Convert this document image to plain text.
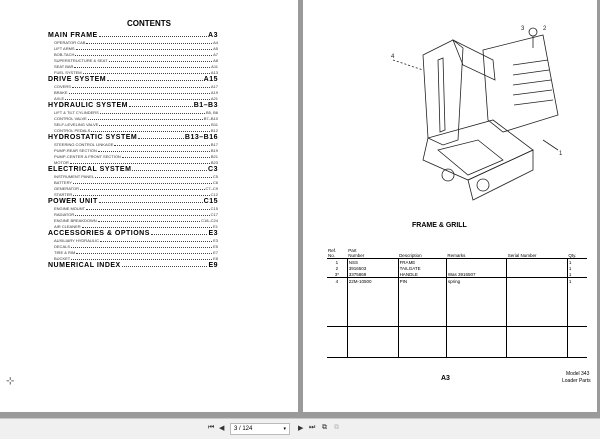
CONTENTS
MAIN FRAME	A3
OPERATOR CAB	A4
LIFT ARMS	A5
BOB-TACH	A7
SUPERSTRUCTURE & SEAT	A8
SEAT BAR	A11
FUEL SYSTEM	A13
DRIVE SYSTEM	A15
COVERS	A17
BRAKE	A19
AXLE	A21
HYDRAULIC SYSTEM	B1–B3
LIFT & TILT CYLINDERS	B5, B6
CONTROL VALVE	B7–B10
SELF-LEVELING VALVE	B11
CONTROL PEDALS	B12
HYDROSTATIC SYSTEM	B13–B16
STEERING CONTROL LINKAGE	B17
PUMP-REAR SECTION	B19
PUMP-CENTER & FRONT SECTION	B21
MOTOR	B23
ELECTRICAL SYSTEM	C3
INSTRUMENT PANEL	C5
BATTERY	C6
GENERATOR	C7–C9
STARTER	C12
POWER UNIT	C15
ENGINE MOUNT	C15
RADIATOR	C17
ENGINE BREAKDOWN	C18–C24
AIR CLEANER	E1
ACCESSORIES & OPTIONS	E3
AUXILIARY HYDRAULIC	E3
DECALS	E5
TIRE & RIM	E7
BUCKET	E8
NUMERICAL INDEX	E9
⊹
4
3	2
1
FRAME & GRILL
Ref.
No.	Part
Number	Description	Remarks	Serial Number	Qty.
1	NSS	FRAME			1
2	3916503	TAILGATE			1
3*	3375869	HANDLE	Was 3916507		1
4	22M-10500	PIN	spring		1

A3
Model 343
Loader Parts
⏮ ◀	3 / 124	▾ ▶ ⏭ ⧉ ⧉
